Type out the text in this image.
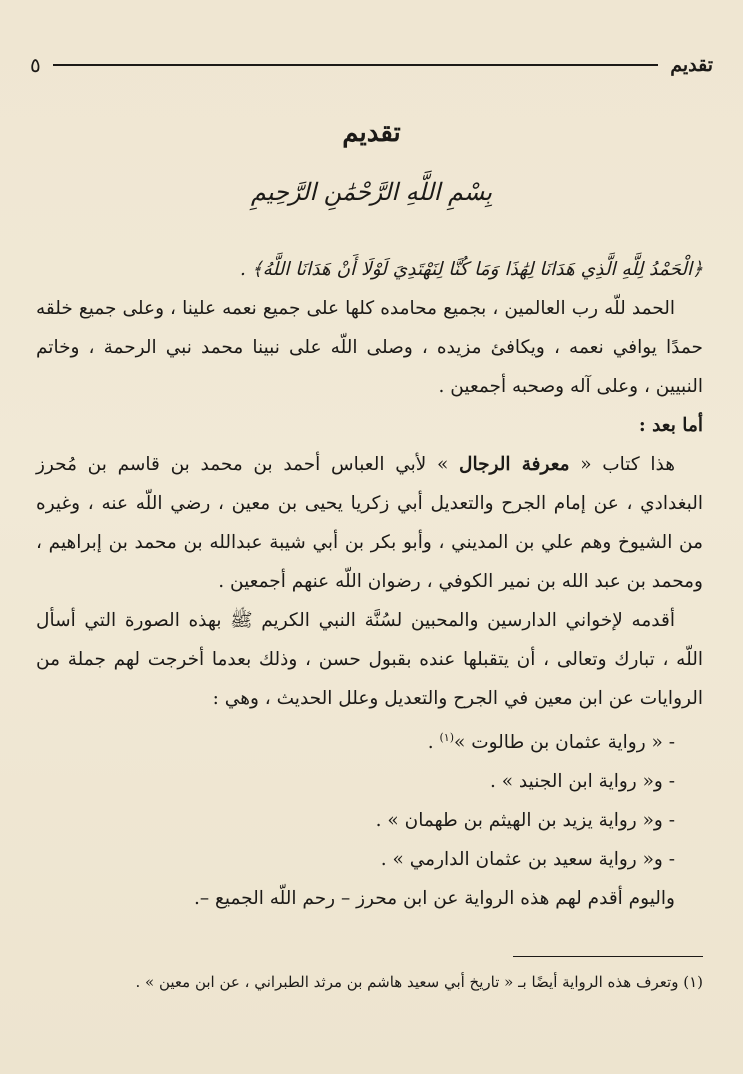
تقديم
٥
تقديم
بِسْمِ اللَّهِ الرَّحْمَٰنِ الرَّحِيمِ

﴿الْحَمْدُ لِلَّهِ الَّذِي هَدَانَا لِهَٰذَا وَمَا كُنَّا لِنَهْتَدِيَ لَوْلَا أَنْ هَدَانَا اللَّهُ﴾ .

الحمد للّه رب العالمين ، بجميع محامده كلها على جميع نعمه علينا ، وعلى جميع خلقه حمدًا يوافي نعمه ، ويكافئ مزيده ، وصلى اللّه على نبينا محمد نبي الرحمة ، وخاتم النبيين ، وعلى آله وصحبه أجمعين .

أما بعد :

هذا كتاب « معرفة الرجال » لأبي العباس أحمد بن محمد بن قاسم بن مُحرز البغدادي ، عن إمام الجرح والتعديل أبي زكريا يحيى بن معين ، رضي اللّه عنه ، وغيره من الشيوخ وهم علي بن المديني ، وأبو بكر بن أبي شيبة عبدالله بن محمد بن إبراهيم ، ومحمد بن عبد الله بن نمير الكوفي ، رضوان اللّه عنهم أجمعين .

أقدمه لإخواني الدارسين والمحبين لسُنَّة النبي الكريم ﷺ بهذه الصورة التي أسأل اللّه ، تبارك وتعالى ، أن يتقبلها عنده بقبول حسن ، وذلك بعدما أخرجت لهم جملة من الروايات عن ابن معين في الجرح والتعديل وعلل الحديث ، وهي :

- « رواية عثمان بن طالوت »$^{(١)}$ .

- و« رواية ابن الجنيد » .

- و« رواية يزيد بن الهيثم بن طهمان » .

- و« رواية سعيد بن عثمان الدارمي » .

واليوم أقدم لهم هذه الرواية عن ابن محرز – رحم اللّه الجميع –.

(١) وتعرف هذه الرواية أيضًا بـ « تاريخ أبي سعيد هاشم بن مرثد الطبراني ، عن ابن معين » .
